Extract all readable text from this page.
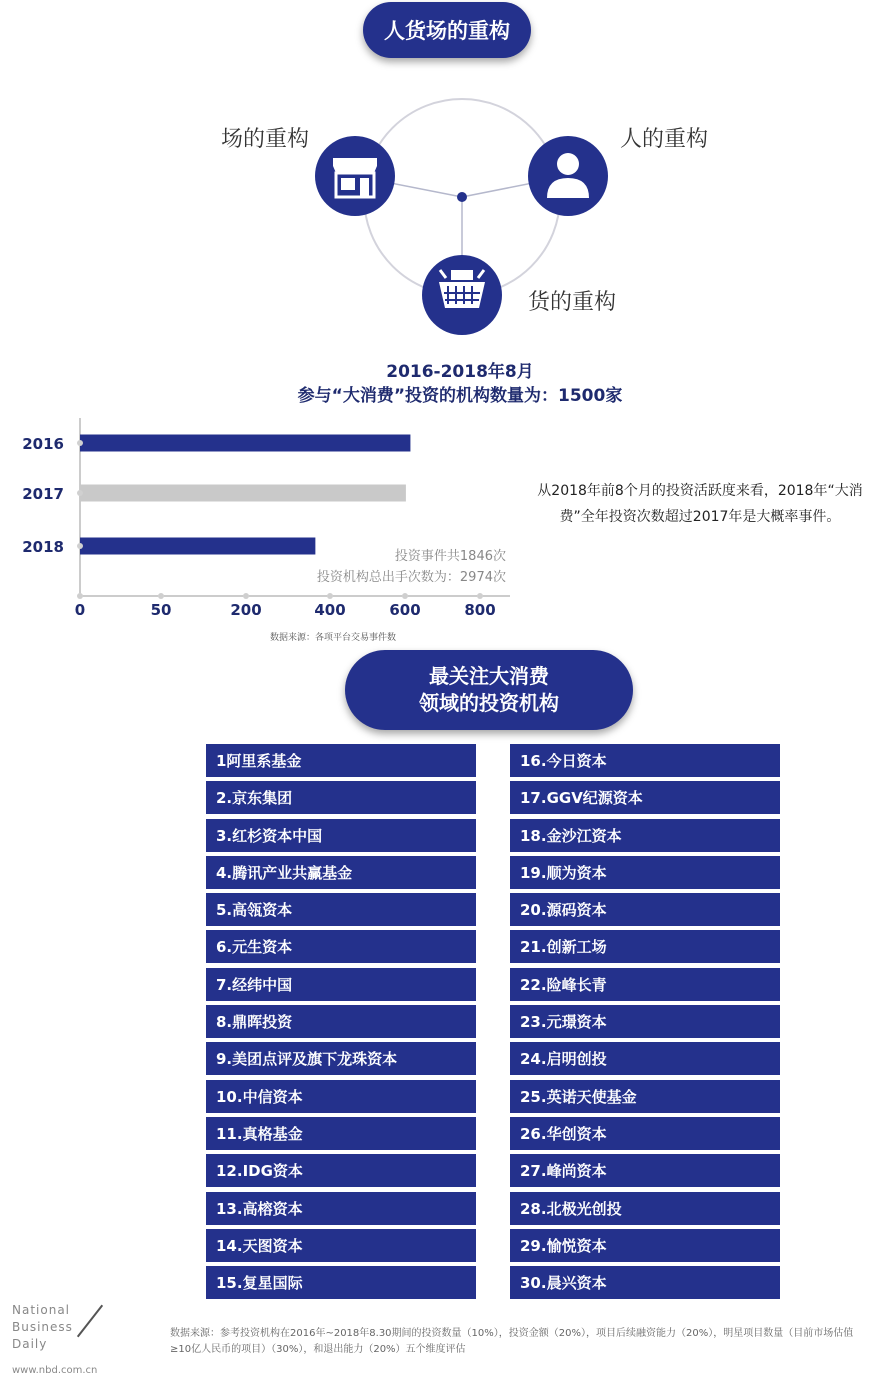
人货场的重构
场的重构	人的重构
货的重构
2016-2018年8月
参与“大消费”投资的机构数量为：1500家
2016
2017
2018
0	50	200	400	600	800
投资事件共1846次
投资机构总出手次数为：2974次
从2018年前8个月的投资活跃度来看，2018年“大消费”全年投资次数超过2017年是大概率事件。
数据来源：各项平台交易事件数
最关注大消费
领域的投资机构
1阿里系基金
2.京东集团
3.红杉资本中国
4.腾讯产业共赢基金
5.高瓴资本
6.元生资本
7.经纬中国
8.鼎晖投资
9.美团点评及旗下龙珠资本
10.中信资本
11.真格基金
12.IDG资本
13.高榕资本
14.天图资本
15.复星国际
16.今日资本
17.GGV纪源资本
18.金沙江资本
19.顺为资本
20.源码资本
21.创新工场
22.险峰长青
23.元璟资本
24.启明创投
25.英诺天使基金
26.华创资本
27.峰尚资本
28.北极光创投
29.愉悦资本
30.晨兴资本
National
Business
Daily
www.nbd.com.cn
数据来源：参考投资机构在2016年~2018年8.30期间的投资数量（10%），投资金额（20%），项目后续融资能力（20%），明星项目数量（目前市场估值≥10亿人民币的项目）（30%），和退出能力（20%）五个维度评估
